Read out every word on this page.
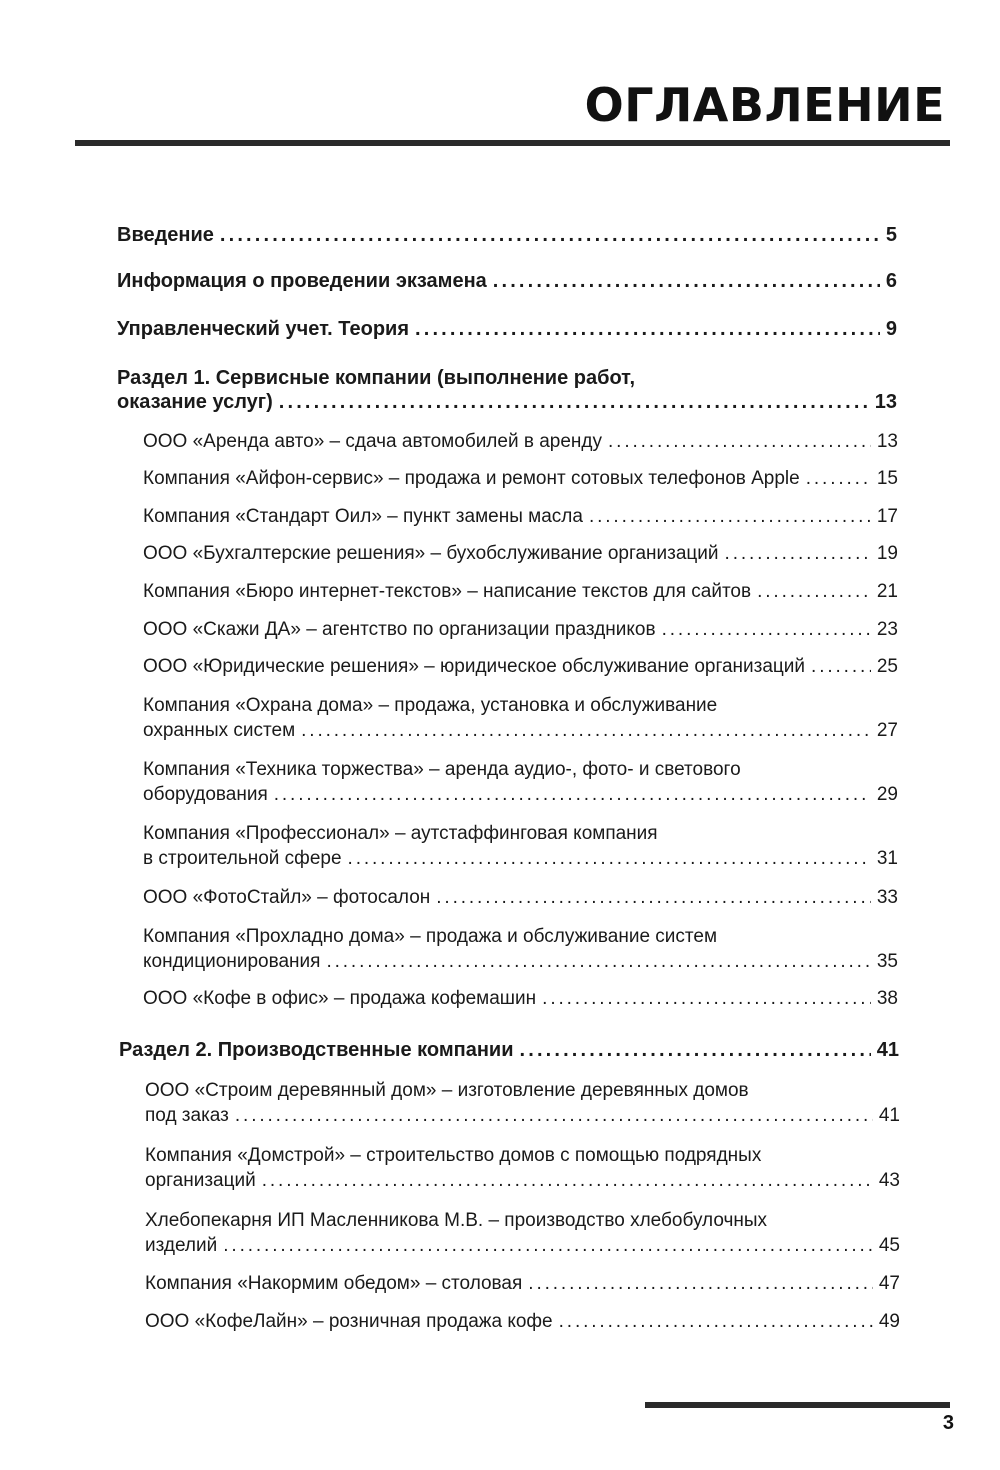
ОГЛАВЛЕНИЕ
Введение . . .	5
Информация о проведении экзамена . . .	6
Управленческий учет. Теория . . .	9
Раздел 1. Сервисные компании (выполнение работ,
оказание услуг) . . .	13
ООО «Аренда авто» – сдача автомобилей в аренду . . .	13
Компания «Айфон-сервис» – продажа и ремонт сотовых телефонов Apple . . .	15
Компания «Стандарт Оил» – пункт замены масла . . .	17
ООО «Бухгалтерские решения» – бухобслуживание организаций . . .	19
Компания «Бюро интернет-текстов» – написание текстов для сайтов . . .	21
ООО «Скажи ДА» – агентство по организации праздников . . .	23
ООО «Юридические решения» – юридическое обслуживание организаций . . .	25
Компания «Охрана дома» – продажа, установка и обслуживание
охранных систем . . .	27
Компания «Техника торжества» – аренда аудио-, фото- и светового
оборудования . . .	29
Компания «Профессионал» – аутстаффинговая компания
в строительной сфере . . .	31
ООО «ФотоСтайл» – фотосалон . . .	33
Компания «Прохладно дома» – продажа и обслуживание систем
кондиционирования . . .	35
ООО «Кофе в офис» – продажа кофемашин . . .	38
Раздел 2. Производственные компании . . .	41
ООО «Строим деревянный дом» – изготовление деревянных домов
под заказ . . .	41
Компания «Домстрой» – строительство домов с помощью подрядных
организаций . . .	43
Хлебопекарня ИП Масленникова М.В. – производство хлебобулочных
изделий . . .	45
Компания «Накормим обедом» – столовая . . .	47
ООО «КофеЛайн» – розничная продажа кофе . . .	49
3
